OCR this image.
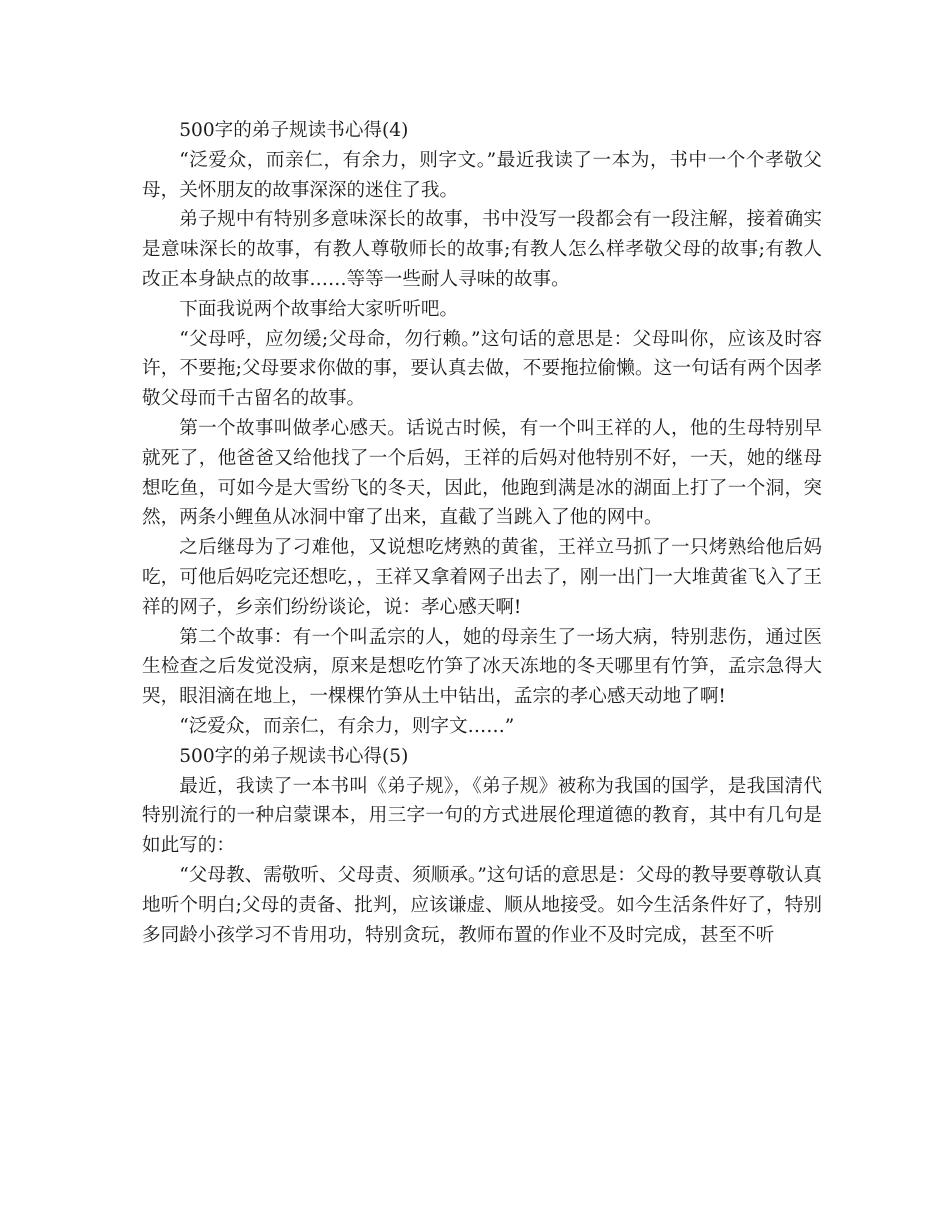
500字的弟子规读书心得(4)

“泛爱众，而亲仁，有余力，则字文。”最近我读了一本为，书中一个个孝敬父母，关怀朋友的故事深深的迷住了我。

弟子规中有特别多意味深长的故事，书中没写一段都会有一段注解，接着确实是意味深长的故事，有教人尊敬师长的故事;有教人怎么样孝敬父母的故事;有教人改正本身缺点的故事……等等一些耐人寻味的故事。

下面我说两个故事给大家听听吧。

“父母呼，应勿缓;父母命，勿行赖。”这句话的意思是：父母叫你，应该及时容许，不要拖;父母要求你做的事，要认真去做，不要拖拉偷懒。这一句话有两个因孝敬父母而千古留名的故事。

第一个故事叫做孝心感天。话说古时候，有一个叫王祥的人，他的生母特别早就死了，他爸爸又给他找了一个后妈，王祥的后妈对他特别不好，一天，她的继母想吃鱼，可如今是大雪纷飞的冬天，因此，他跑到满是冰的湖面上打了一个洞，突然，两条小鲤鱼从冰洞中窜了出来，直截了当跳入了他的网中。

之后继母为了刁难他，又说想吃烤熟的黄雀，王祥立马抓了一只烤熟给他后妈吃，可他后妈吃完还想吃，，王祥又拿着网子出去了，刚一出门一大堆黄雀飞入了王祥的网子，乡亲们纷纷谈论，说：孝心感天啊!

第二个故事：有一个叫孟宗的人，她的母亲生了一场大病，特别悲伤，通过医生检查之后发觉没病，原来是想吃竹笋了冰天冻地的冬天哪里有竹笋，孟宗急得大哭，眼泪滴在地上，一棵棵竹笋从土中钻出，孟宗的孝心感天动地了啊!

“泛爱众，而亲仁，有余力，则字文……”

500字的弟子规读书心得(5)

最近，我读了一本书叫《弟子规》，《弟子规》被称为我国的国学，是我国清代特别流行的一种启蒙课本，用三字一句的方式进展伦理道德的教育，其中有几句是如此写的：

“父母教、需敬听、父母责、须顺承。”这句话的意思是：父母的教导要尊敬认真地听个明白;父母的责备、批判，应该谦虚、顺从地接受。如今生活条件好了，特别多同龄小孩学习不肯用功，特别贪玩，教师布置的作业不及时完成，甚至不听
